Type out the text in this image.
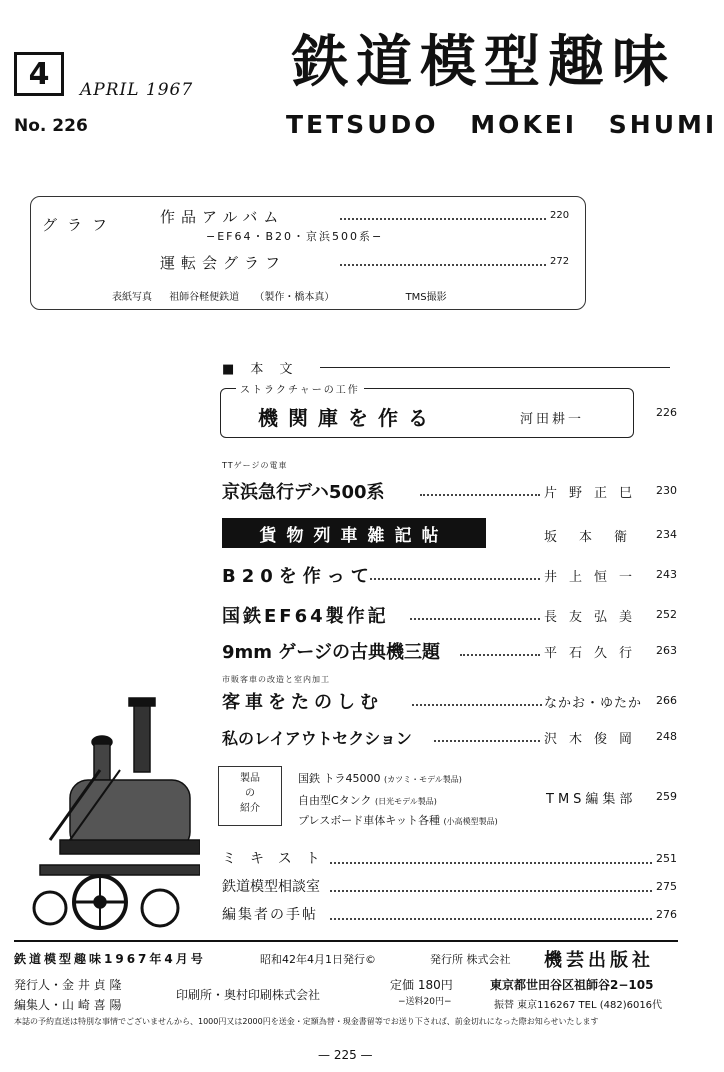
4	APRIL 1967 鉄道模型趣味
No. 226	TETSUDO MOKEI SHUMI
グラフ	作品アルバム	220
−EF64・B20・京浜500系−
運転会グラフ	272
表紙写真 祖師谷軽便鉄道 （製作・橋本真）	TMS撮影
■ 本 文
ストラクチャーの工作
機関庫を作る	河田耕一	226
TTゲージの電車
京浜急行デハ500系	片野正巳 230
貨物列車雑記帖	坂本衛 234
B20を作って	井上恒一 243
国鉄EF64製作記	長友弘美 252
9mm ゲージの古典機三題	平石久行 263
市販客車の改造と室内加工
客車をたのしむ	なかお・ゆたか 266
私のレイアウトセクション	沢木俊岡 248
製品
の
紹介
国鉄 トラ45000 (カツミ・モデル製品)
自由型Cタンク (日光モデル製品)
プレスボード車体キット各種 (小高模型製品)
TMS編集部 259
ミキスト	251
鉄道模型相談室	275
編集者の手帖	276
鉄道模型趣味1967年4月号	昭和42年4月1日発行©	発行所 株式会社 機芸出版社
発行人・金 井 貞 隆
編集人・山 崎 喜 陽
印刷所・奥村印刷株式会社
定価 180円
−送料20円−
東京都世田谷区祖師谷2−105
振替 東京116267 TEL (482)6016代
本誌の予約直送は特別な事情でございませんから、1000円又は2000円を送金・定額為替・現金書留等でお送り下されば、前金切れになった際お知らせいたします
— 225 —
